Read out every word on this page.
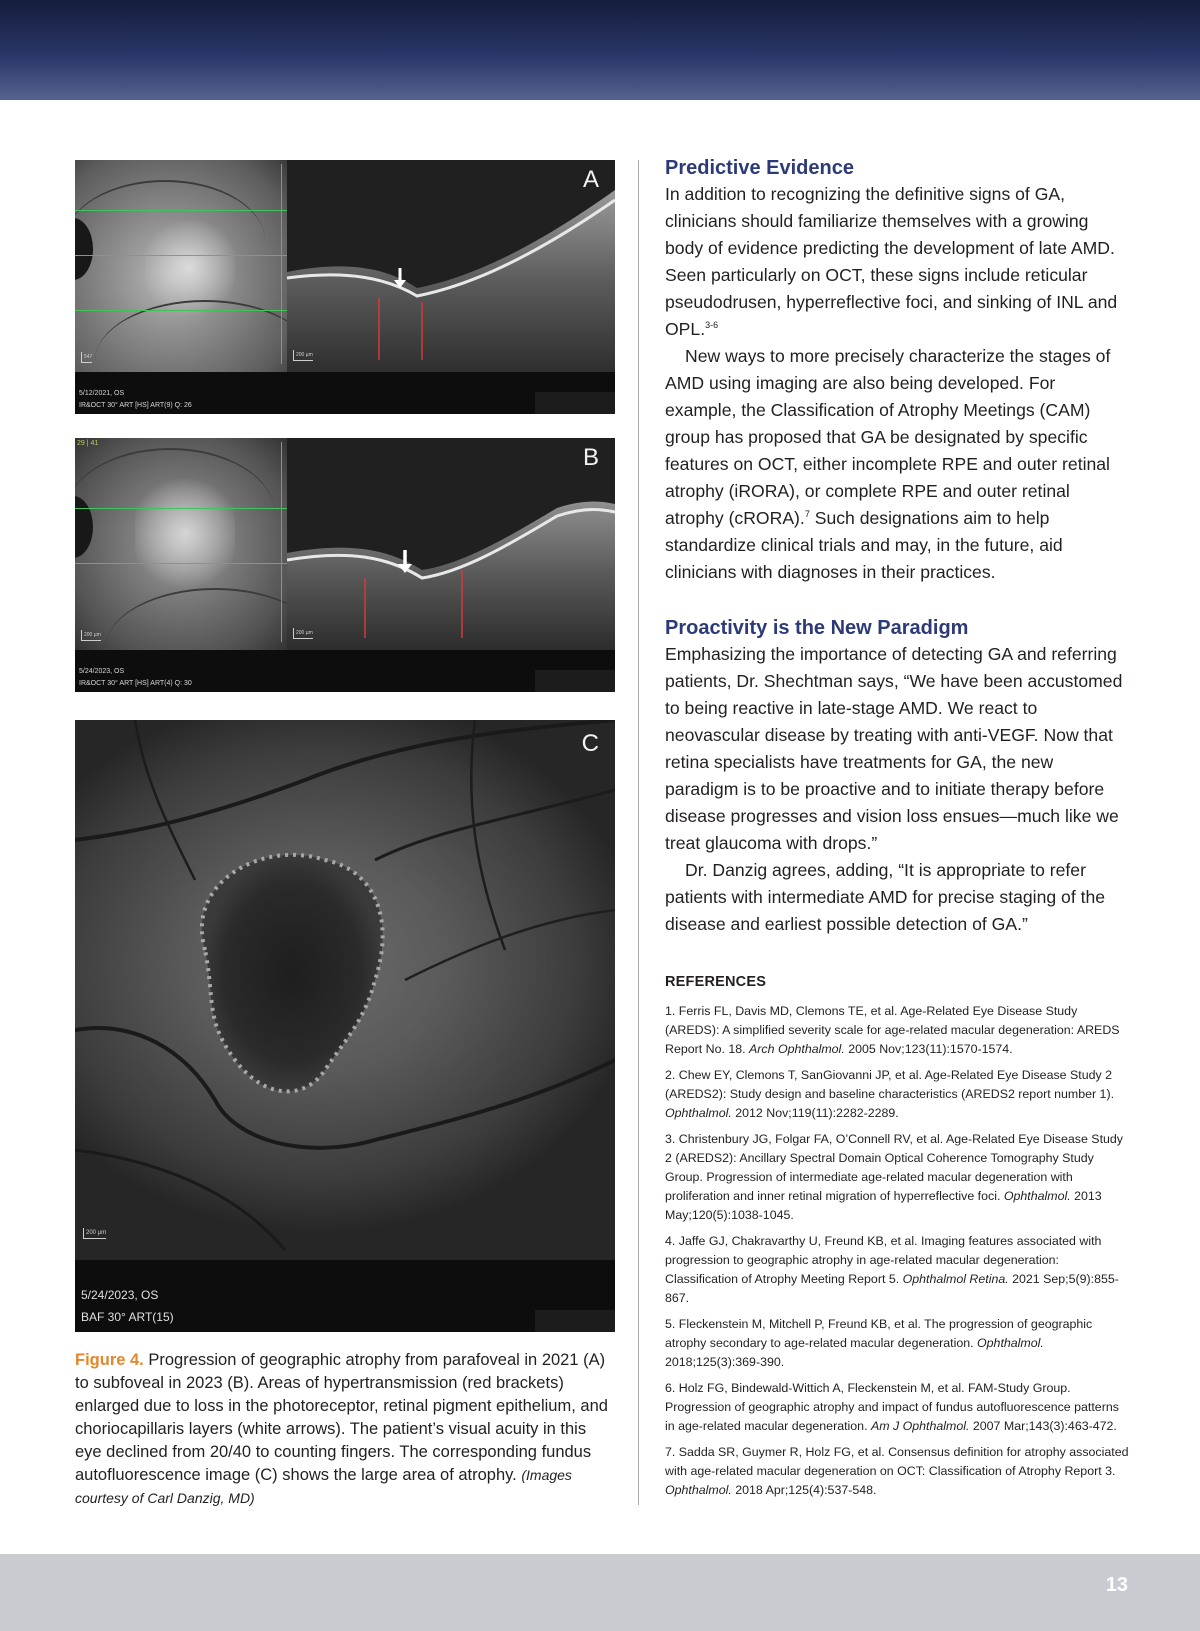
547	200 µm
A
5/12/2021, OS
IR&OCT 30° ART [HS] ART(9) Q: 26
29 | 41
200 µm	200 µm
B
5/24/2023, OS
IR&OCT 30° ART [HS] ART(4) Q: 30
200 µm
C
5/24/2023, OS
BAF 30° ART(15)
Figure 4. Progression of geographic atrophy from parafoveal in 2021 (A) to subfoveal in 2023 (B). Areas of hypertransmission (red brackets) enlarged due to loss in the photoreceptor, retinal pigment epithelium, and choriocapillaris layers (white arrows). The patient’s visual acuity in this eye declined from 20/40 to counting fingers. The corresponding fundus autofluorescence image (C) shows the large area of atrophy. (Images courtesy of Carl Danzig, MD)
Predictive Evidence

In addition to recognizing the definitive signs of GA, clinicians should familiarize themselves with a growing body of evidence predicting the development of late AMD. Seen particularly on OCT, these signs include reticular pseudodrusen, hyperreflective foci, and sinking of INL and OPL.$^{3-6}$

New ways to more precisely characterize the stages of AMD using imaging are also being developed. For example, the Classification of Atrophy Meetings (CAM) group has proposed that GA be designated by specific features on OCT, either incomplete RPE and outer retinal atrophy (iRORA), or complete RPE and outer retinal atrophy (cRORA).$^7$ Such designations aim to help standardize clinical trials and may, in the future, aid clinicians with diagnoses in their practices.

Proactivity is the New Paradigm

Emphasizing the importance of detecting GA and referring patients, Dr. Shechtman says, “We have been accustomed to being reactive in late-stage AMD. We react to neovascular disease by treating with anti-VEGF. Now that retina specialists have treatments for GA, the new paradigm is to be proactive and to initiate therapy before disease progresses and vision loss ensues—much like we treat glaucoma with drops.”

Dr. Danzig agrees, adding, “It is appropriate to refer patients with intermediate AMD for precise staging of the disease and earliest possible detection of GA.”

REFERENCES

1. Ferris FL, Davis MD, Clemons TE, et al. Age-Related Eye Disease Study (AREDS): A simplified severity scale for age-related macular degeneration: AREDS Report No. 18. Arch Ophthalmol. 2005 Nov;123(11):1570-1574.

2. Chew EY, Clemons T, SanGiovanni JP, et al. Age-Related Eye Disease Study 2 (AREDS2): Study design and baseline characteristics (AREDS2 report number 1). Ophthalmol. 2012 Nov;119(11):2282-2289.

3. Christenbury JG, Folgar FA, O’Connell RV, et al. Age-Related Eye Disease Study 2 (AREDS2): Ancillary Spectral Domain Optical Coherence Tomography Study Group. Progression of intermediate age-related macular degeneration with proliferation and inner retinal migration of hyperreflective foci. Ophthalmol. 2013 May;120(5):1038-1045.

4. Jaffe GJ, Chakravarthy U, Freund KB, et al. Imaging features associated with progression to geographic atrophy in age-related macular degeneration: Classification of Atrophy Meeting Report 5. Ophthalmol Retina. 2021 Sep;5(9):855-867.

5. Fleckenstein M, Mitchell P, Freund KB, et al. The progression of geographic atrophy secondary to age-related macular degeneration. Ophthalmol. 2018;125(3):369-390.

6. Holz FG, Bindewald-Wittich A, Fleckenstein M, et al. FAM-Study Group. Progression of geographic atrophy and impact of fundus autofluorescence patterns in age-related macular degeneration. Am J Ophthalmol. 2007 Mar;143(3):463-472.

7. Sadda SR, Guymer R, Holz FG, et al. Consensus definition for atrophy associated with age-related macular degeneration on OCT: Classification of Atrophy Report 3. Ophthalmol. 2018 Apr;125(4):537-548.

13
